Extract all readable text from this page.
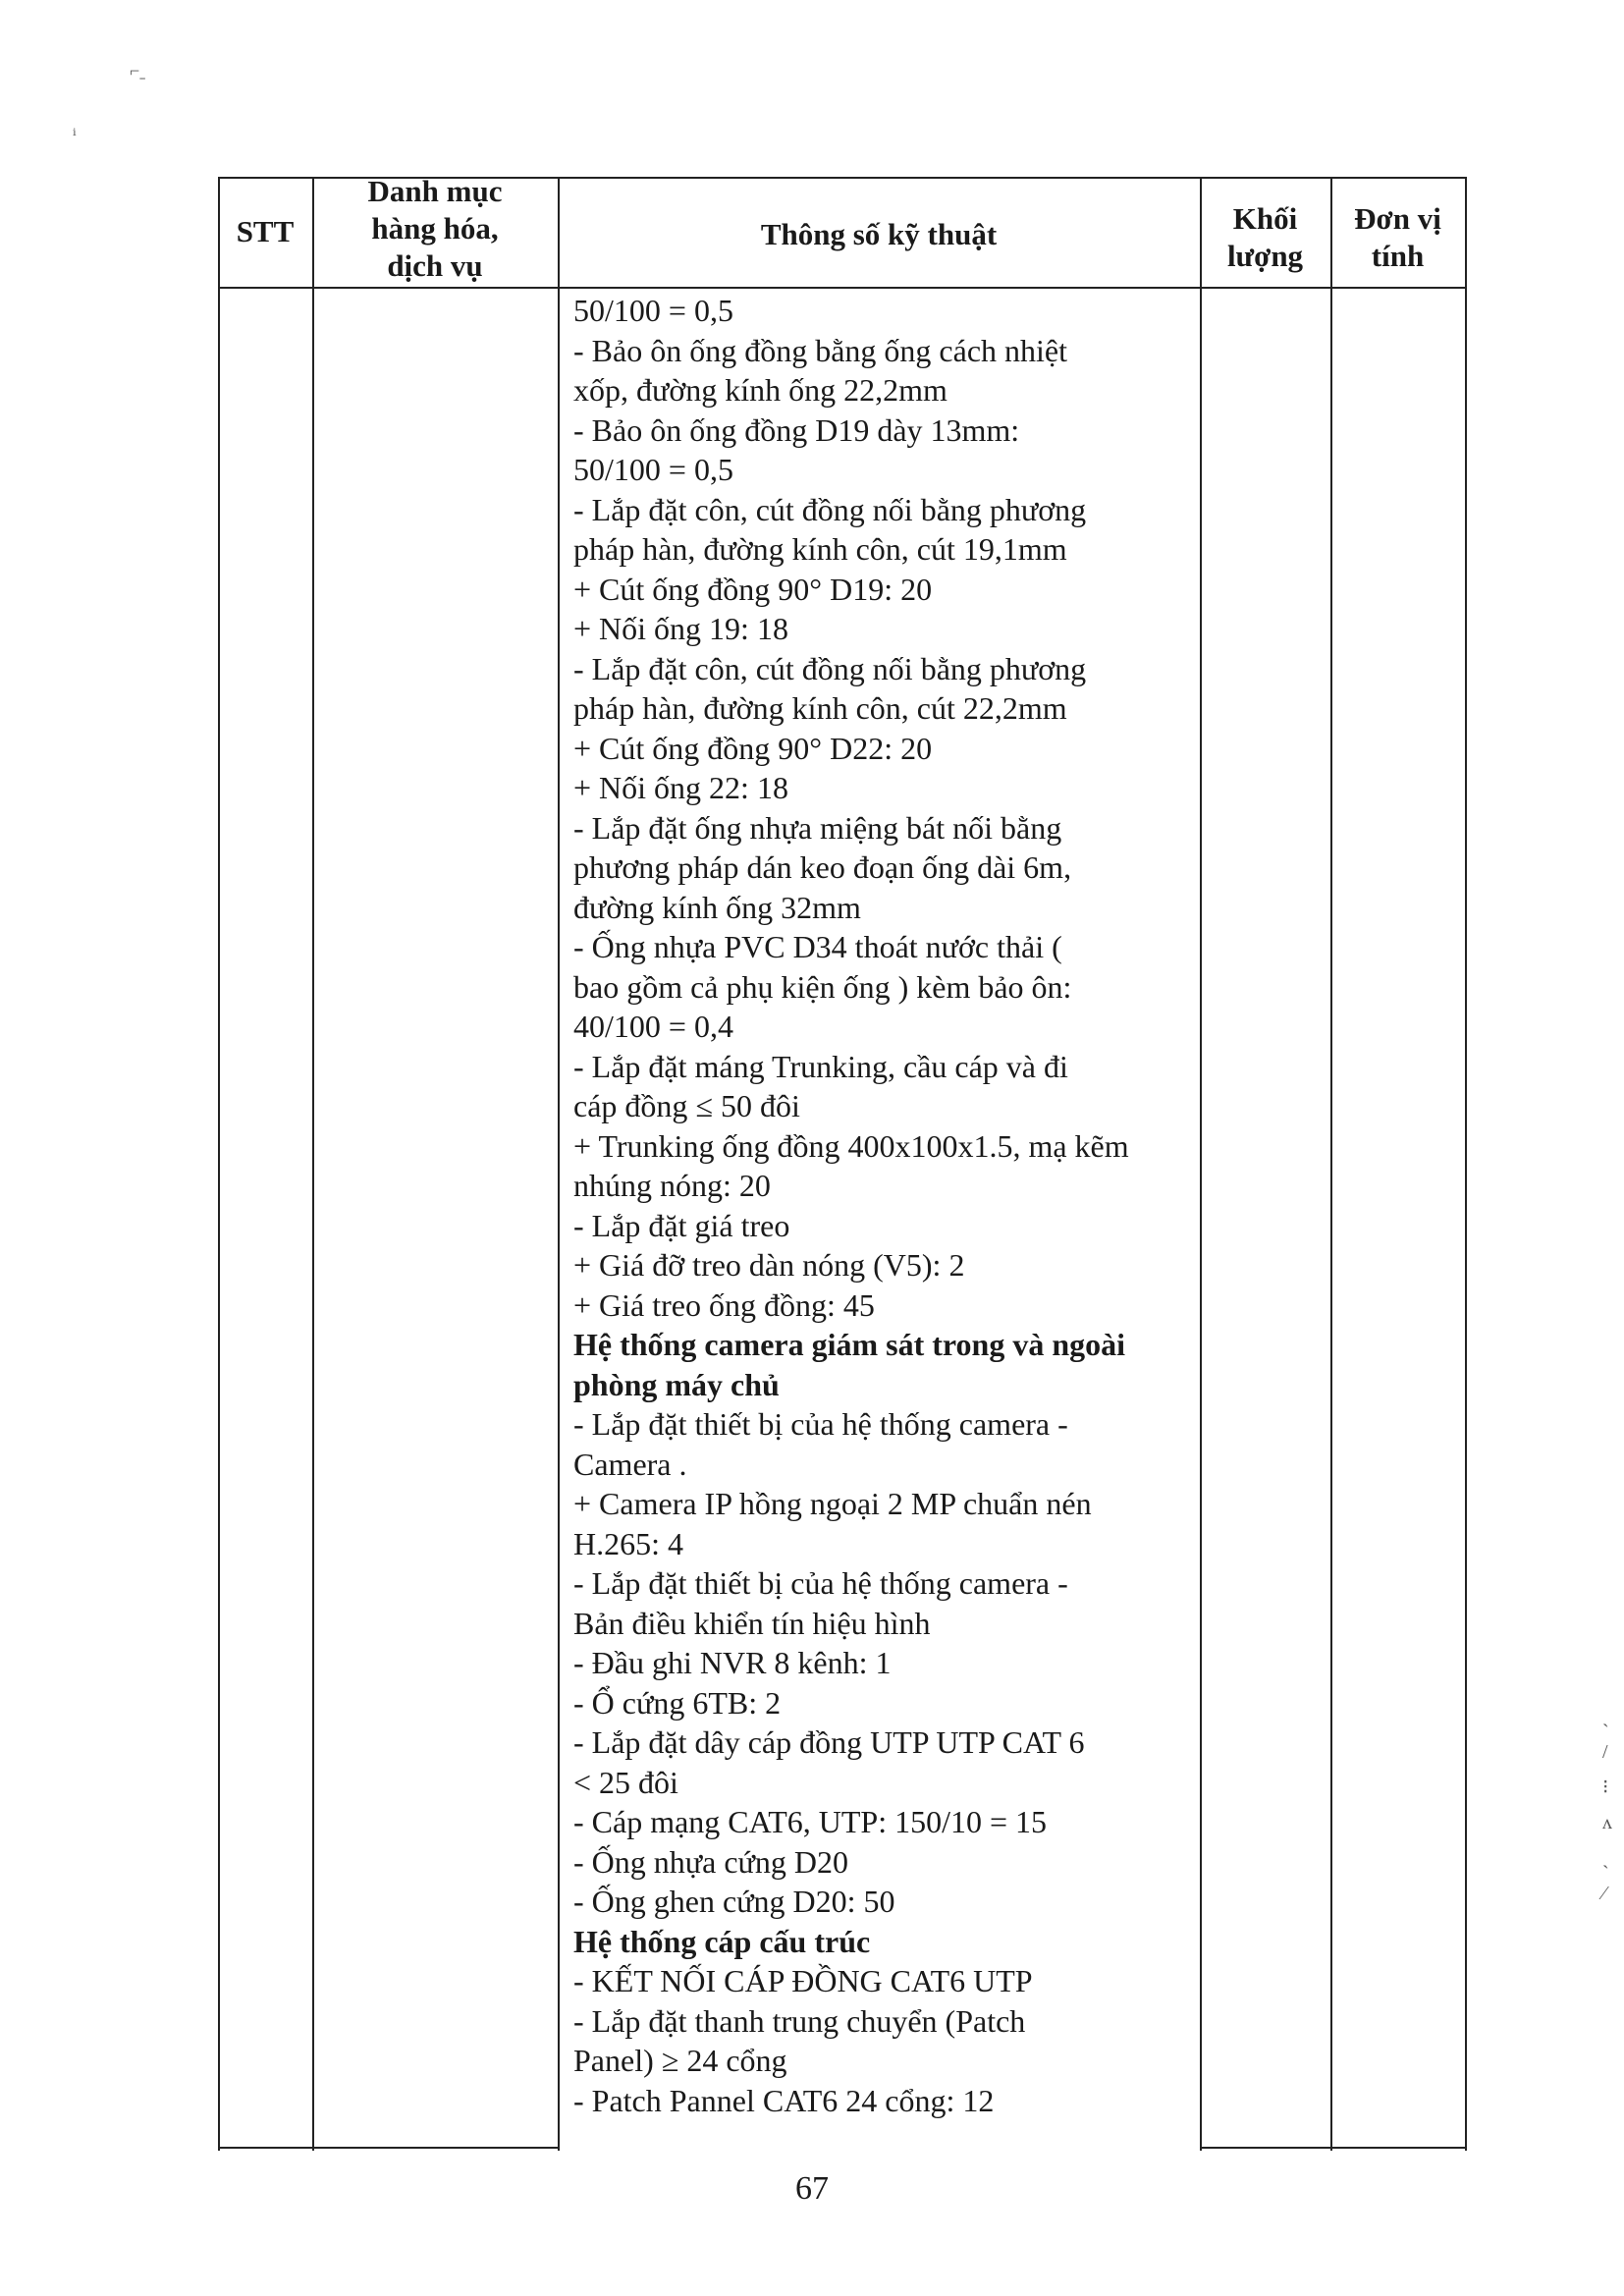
⌐ˍ
ⁱ
STT
Danh mục
hàng hóa,
dịch vụ
Thông số kỹ thuật	Khối
lượng
Đơn vị
tính
50/100 = 0,5
- Bảo ôn ống đồng bằng ống cách nhiệt
xốp, đường kính ống 22,2mm
- Bảo ôn ống đồng D19 dày 13mm:
50/100 = 0,5
- Lắp đặt côn, cút đồng nối bằng phương
pháp hàn, đường kính côn, cút 19,1mm
+ Cút ống đồng 90° D19: 20
+ Nối ống 19: 18
- Lắp đặt côn, cút đồng nối bằng phương
pháp hàn, đường kính côn, cút 22,2mm
+ Cút ống đồng 90° D22: 20
+ Nối ống 22: 18
- Lắp đặt ống nhựa miệng bát nối bằng
phương pháp dán keo đoạn ống dài 6m,
đường kính ống 32mm
- Ống nhựa PVC D34 thoát nước thải (
bao gồm cả phụ kiện ống ) kèm bảo ôn:
40/100 = 0,4
- Lắp đặt máng Trunking, cầu cáp và đi
cáp đồng ≤ 50 đôi
+ Trunking ống đồng 400x100x1.5, mạ kẽm
nhúng nóng: 20
- Lắp đặt giá treo
+ Giá đỡ treo dàn nóng (V5): 2
+ Giá treo ống đồng: 45
Hệ thống camera giám sát trong và ngoài
phòng máy chủ
- Lắp đặt thiết bị của hệ thống camera -
Camera .
+ Camera IP hồng ngoại 2 MP chuẩn nén
H.265: 4
- Lắp đặt thiết bị của hệ thống camera -
Bản điều khiển tín hiệu hình
- Đầu ghi NVR 8 kênh: 1
- Ổ cứng 6TB: 2
- Lắp đặt dây cáp đồng UTP UTP CAT 6
< 25 đôi
- Cáp mạng CAT6, UTP: 150/10 = 15
- Ống nhựa cứng D20
- Ống ghen cứng D20: 50
Hệ thống cáp cấu trúc
- KẾT NỐI CÁP ĐỒNG CAT6 UTP
- Lắp đặt thanh trung chuyển (Patch
Panel) ≥ 24 cổng
- Patch Pannel CAT6 24 cổng: 12
67
ˎ
/
⁝
ʌ
ˏ
⁄
